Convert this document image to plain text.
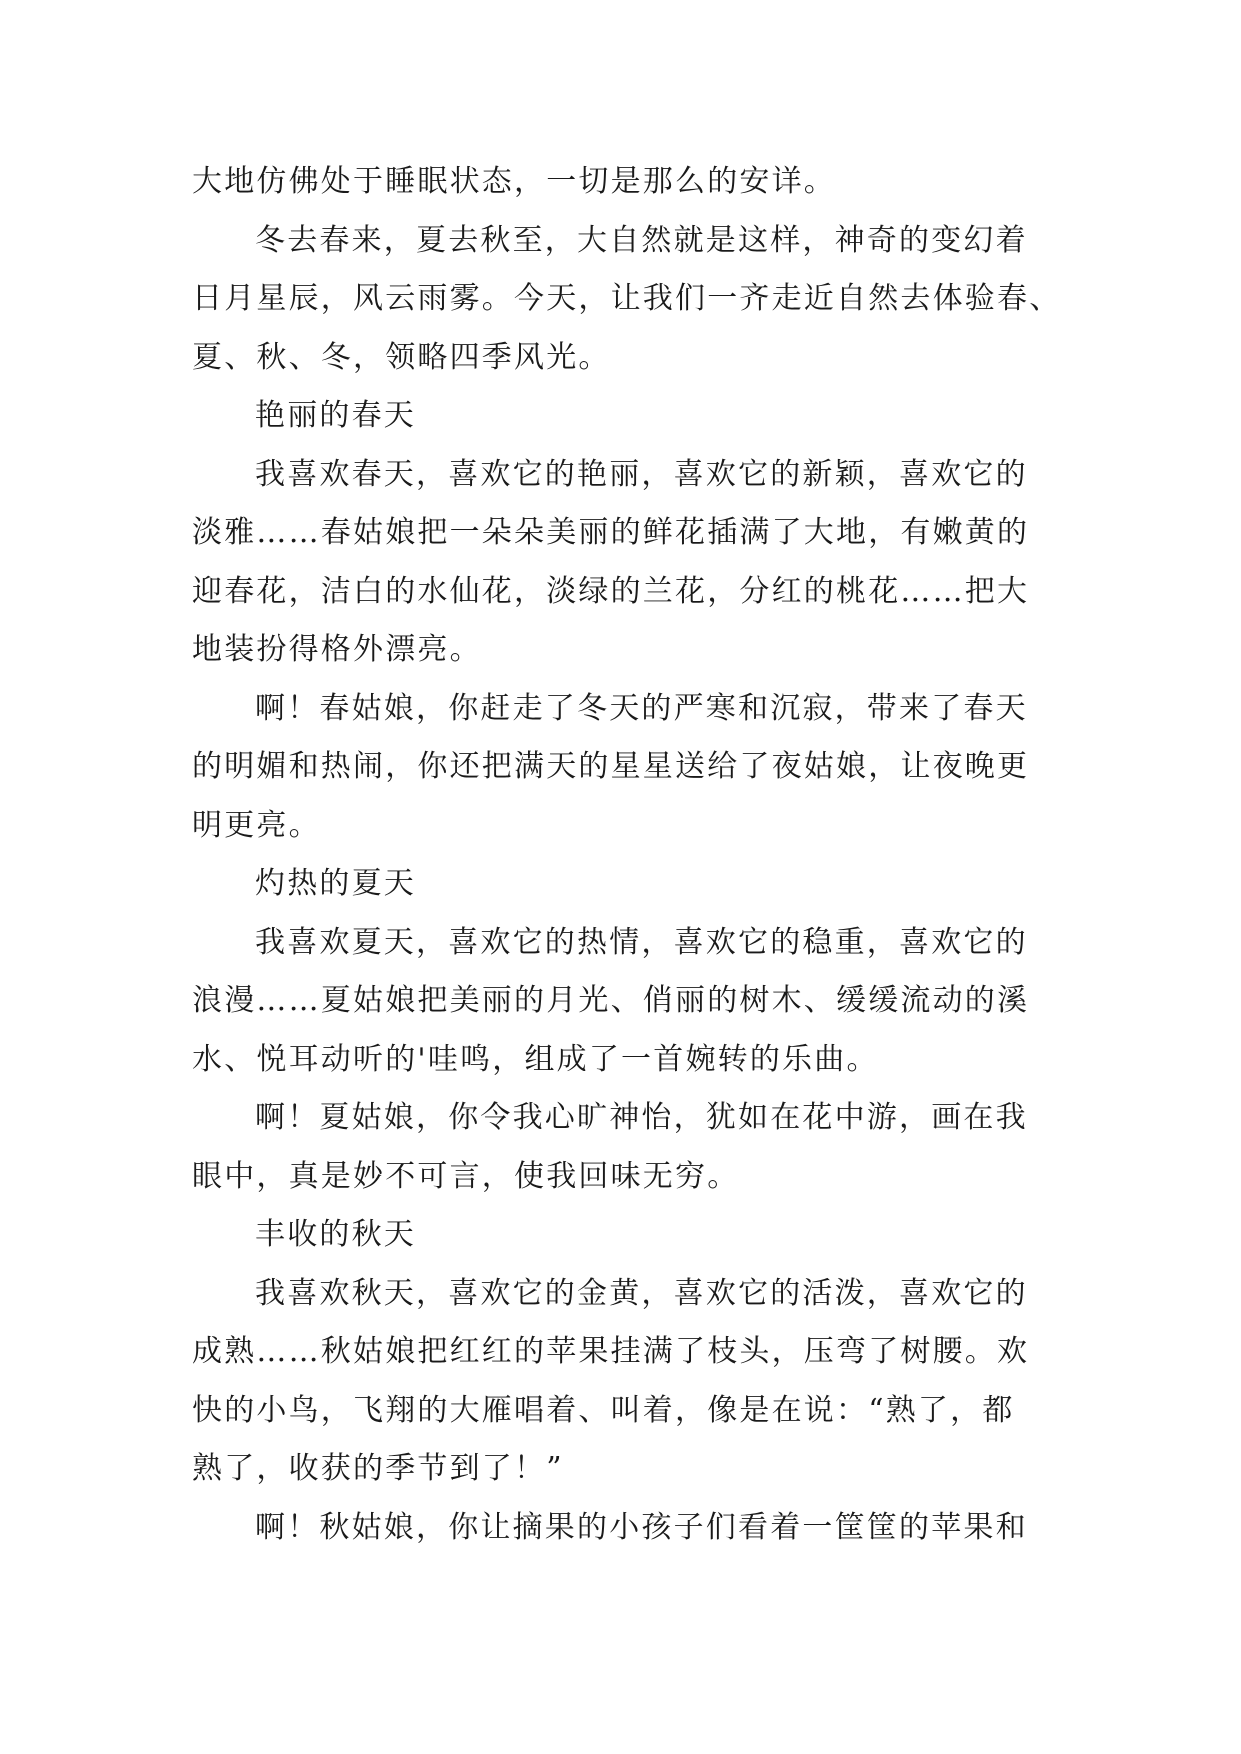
大地仿佛处于睡眠状态，一切是那么的安详。
冬去春来，夏去秋至，大自然就是这样，神奇的变幻着
日月星辰，风云雨雾。今天，让我们一齐走近自然去体验春、
夏、秋、冬，领略四季风光。
艳丽的春天
我喜欢春天，喜欢它的艳丽，喜欢它的新颖，喜欢它的
淡雅……春姑娘把一朵朵美丽的鲜花插满了大地，有嫩黄的
迎春花，洁白的水仙花，淡绿的兰花，分红的桃花……把大
地装扮得格外漂亮。
啊！春姑娘，你赶走了冬天的严寒和沉寂，带来了春天
的明媚和热闹，你还把满天的星星送给了夜姑娘，让夜晚更
明更亮。
灼热的夏天
我喜欢夏天，喜欢它的热情，喜欢它的稳重，喜欢它的
浪漫……夏姑娘把美丽的月光、俏丽的树木、缓缓流动的溪
水、悦耳动听的'哇鸣，组成了一首婉转的乐曲。
啊！夏姑娘，你令我心旷神怡，犹如在花中游，画在我
眼中，真是妙不可言，使我回味无穷。
丰收的秋天
我喜欢秋天，喜欢它的金黄，喜欢它的活泼，喜欢它的
成熟……秋姑娘把红红的苹果挂满了枝头，压弯了树腰。欢
快的小鸟，飞翔的大雁唱着、叫着，像是在说：“熟了，都
熟了，收获的季节到了！”
啊！秋姑娘，你让摘果的小孩子们看着一筐筐的苹果和
